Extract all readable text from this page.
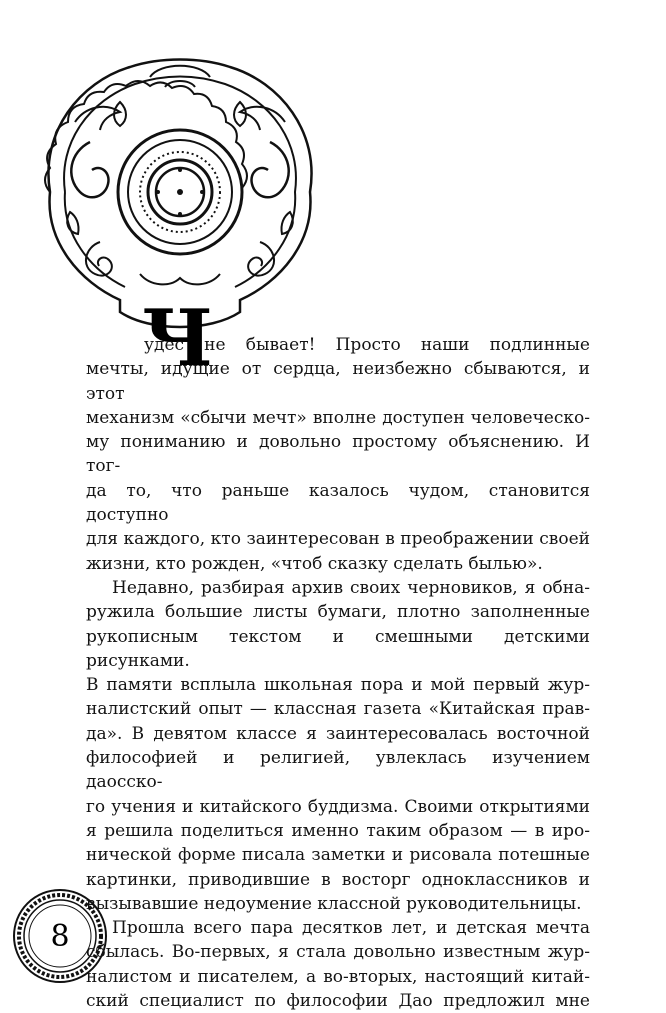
Ч
удес не бывает! Просто наши подлинные
мечты, идущие от сердца, неизбежно сбываются, и этот
механизм «сбычи мечт» вполне доступен человеческо-
му пониманию и довольно простому объяснению. И тог-
да то, что раньше казалось чудом, становится доступно
для каждого, кто заинтересован в преображении своей
жизни, кто рожден, «чтоб сказку сделать былью».
Недавно, разбирая архив своих черновиков, я обна-
ружила большие листы бумаги, плотно заполненные
рукописным текстом и смешными детскими рисунками.
В памяти всплыла школьная пора и мой первый жур-
налистский опыт — классная газета «Китайская прав-
да». В девятом классе я заинтересовалась восточной
философией и религией, увлеклась изучением даосско-
го учения и китайского буддизма. Своими открытиями
я решила поделиться именно таким образом — в иро-
нической форме писала заметки и рисовала потешные
картинки, приводившие в восторг одноклассников и
вызывавшие недоумение классной руководительницы.
Прошла всего пара десятков лет, и детская мечта
сбылась. Во-первых, я стала довольно известным жур-
налистом и писателем, а во-вторых, настоящий китай-
ский специалист по философии Дао предложил мне
8
